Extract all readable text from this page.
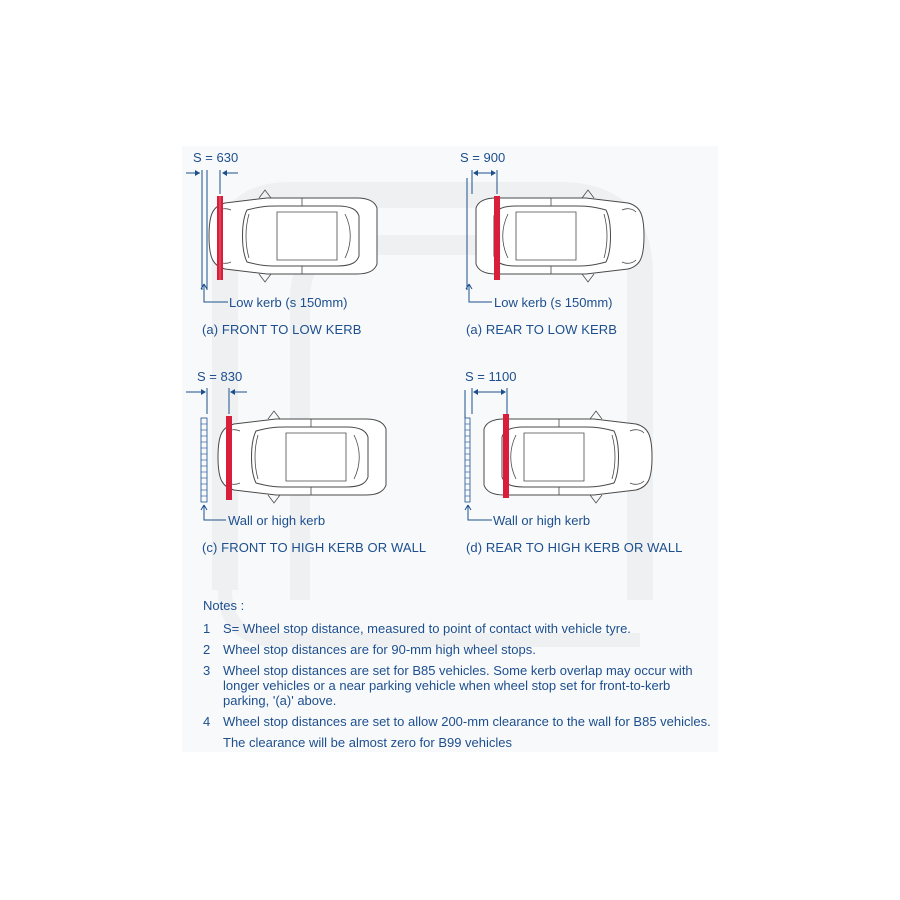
S = 630
Low kerb (s 150mm)
(a) FRONT TO LOW KERB
S = 900
Low kerb (s 150mm)
(a) REAR TO LOW KERB
S = 830
Wall or high kerb
(c) FRONT TO HIGH KERB OR WALL
S = 1100
Wall or high kerb
(d) REAR TO HIGH KERB OR WALL
Notes :
1 S= Wheel stop distance, measured to point of contact with vehicle tyre.
2 Wheel stop distances are for 90-mm high wheel stops.
3 Wheel stop distances are set for B85 vehicles. Some kerb overlap may occur with longer vehicles or a near parking vehicle when wheel stop set for front-to-kerb parking, '(a)' above.
4 Wheel stop distances are set to allow 200-mm clearance to the wall for B85 vehicles.
The clearance will be almost zero for B99 vehicles
